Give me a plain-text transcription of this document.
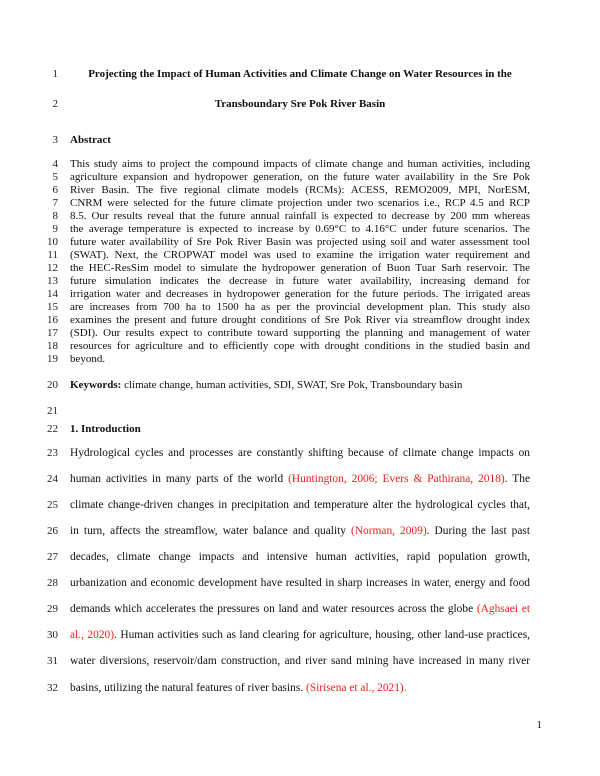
1	Projecting the Impact of Human Activities and Climate Change on Water Resources in the
2	Transboundary Sre Pok River Basin
3 Abstract
4 This study aims to project the compound impacts of climate change and human activities, including
5 agriculture expansion and hydropower generation, on the future water availability in the Sre Pok
6 River Basin. The five regional climate models (RCMs): ACESS, REMO2009, MPI, NorESM,
7 CNRM were selected for the future climate projection under two scenarios i.e., RCP 4.5 and RCP
8 8.5. Our results reveal that the future annual rainfall is expected to decrease by 200 mm whereas
9 the average temperature is expected to increase by 0.69°C to 4.16°C under future scenarios. The
10 future water availability of Sre Pok River Basin was projected using soil and water assessment tool
11 (SWAT). Next, the CROPWAT model was used to examine the irrigation water requirement and
12 the HEC-ResSim model to simulate the hydropower generation of Buon Tuar Sarh reservoir. The
13 future simulation indicates the decrease in future water availability, increasing demand for
14 irrigation water and decreases in hydropower generation for the future periods. The irrigated areas
15 are increases from 700 ha to 1500 ha as per the provincial development plan. This study also
16 examines the present and future drought conditions of Sre Pok River via streamflow drought index
17 (SDI). Our results expect to contribute toward supporting the planning and management of water
18 resources for agriculture and to efficiently cope with drought conditions in the studied basin and
19 beyond.
20 Keywords: climate change, human activities, SDI, SWAT, Sre Pok, Transboundary basin
21
22 1. Introduction
23 Hydrological cycles and processes are constantly shifting because of climate change impacts on
24 human activities in many parts of the world (Huntington, 2006; Evers & Pathirana, 2018). The
25 climate change-driven changes in precipitation and temperature alter the hydrological cycles that,
26 in turn, affects the streamflow, water balance and quality (Norman, 2009). During the last past
27 decades, climate change impacts and intensive human activities, rapid population growth,
28 urbanization and economic development have resulted in sharp increases in water, energy and food
29 demands which accelerates the pressures on land and water resources across the globe (Aghsaei et
30 al., 2020). Human activities such as land clearing for agriculture, housing, other land-use practices,
31 water diversions, reservoir/dam construction, and river sand mining have increased in many river
32 basins, utilizing the natural features of river basins. (Sirisena et al., 2021).
1
